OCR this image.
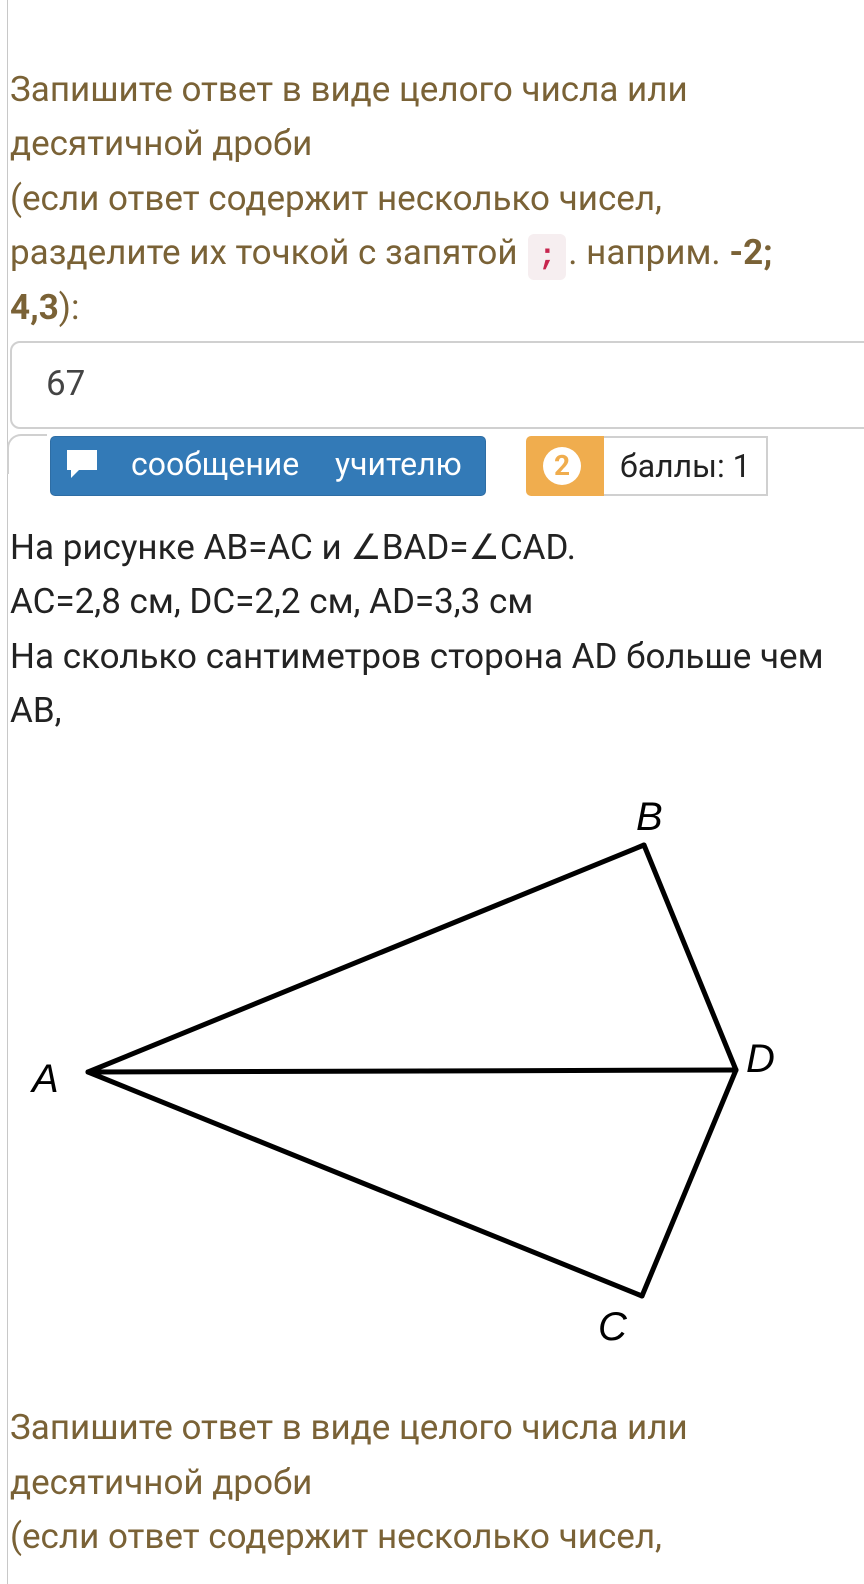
Запишите ответ в виде целого числа или
десятичной дроби
(если ответ содержит несколько чисел,
разделите их точкой с запятой ; . наприм. -2;
4,3):
67
сообщение учителю	2	баллы: 1
На рисунке AB=AC и ∠BAD=∠CAD.
AC=2,8 см, DC=2,2 см, AD=3,3 см
На сколько сантиметров сторона AD больше чем
AB,
A
B
C
D
Запишите ответ в виде целого числа или
десятичной дроби
(если ответ содержит несколько чисел,
